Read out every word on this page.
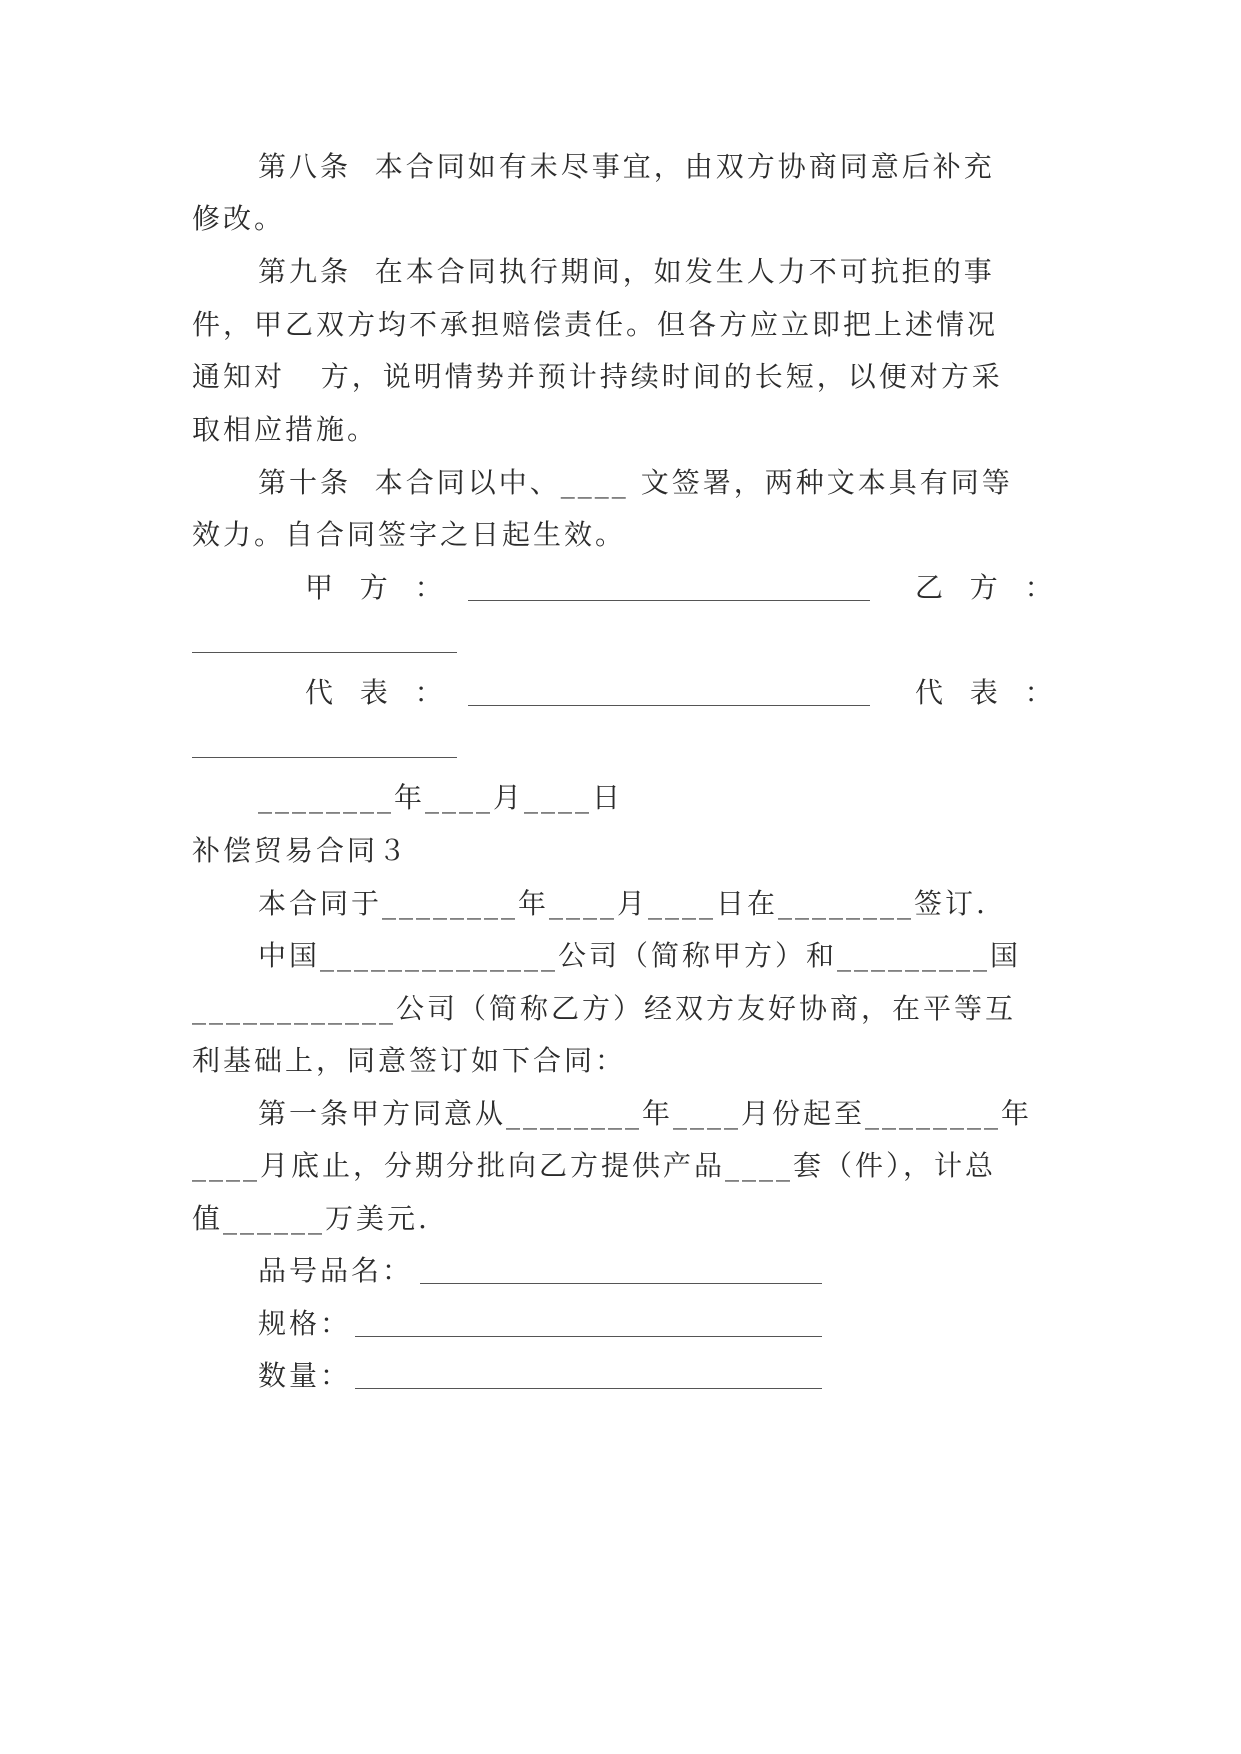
第八条  本合同如有未尽事宜，由双方协商同意后补充
修改。
第九条  在本合同执行期间，如发生人力不可抗拒的事
件，甲乙双方均不承担赔偿责任。但各方应立即把上述情况
通知对   方，说明情势并预计持续时间的长短，以便对方采
取相应措施。
第十条  本合同以中、____ 文签署，两种文本具有同等
效力。自合同签字之日起生效。
甲  方  ：	乙  方  ：
代  表  ：	代  表  ：
________年____月____日
补偿贸易合同３
本合同于________年____月____日在________签订.
中国______________公司（简称甲方）和_________国
____________公司（简称乙方）经双方友好协商，在平等互
利基础上，同意签订如下合同：
第一条甲方同意从________年____月份起至________年
____月底止，分期分批向乙方提供产品____套（件），计总
值______万美元.
品号品名：
规格：
数量：
